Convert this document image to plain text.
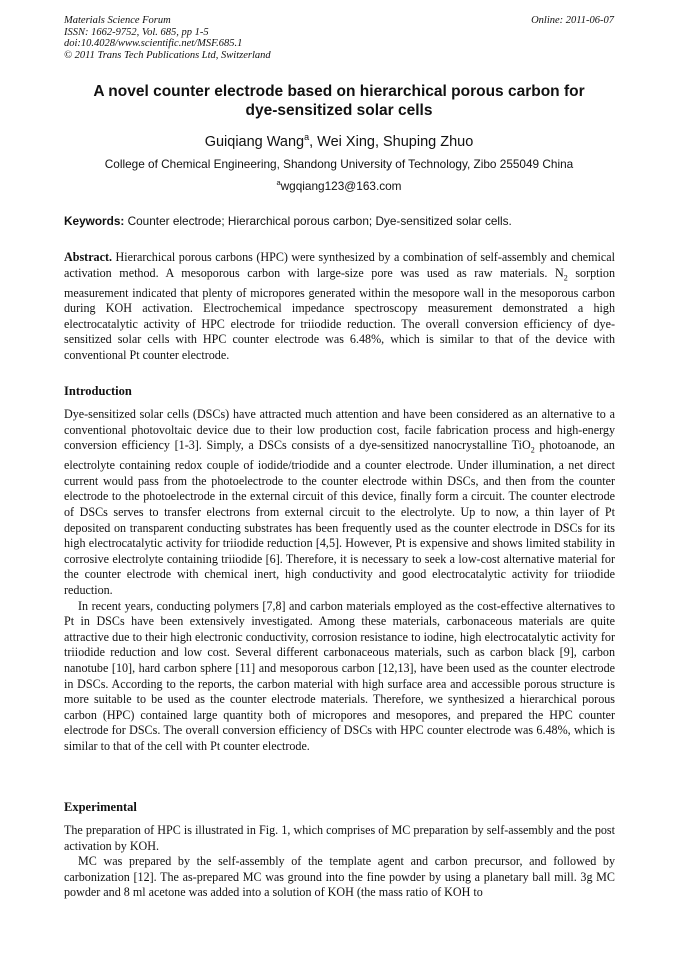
Materials Science Forum
ISSN: 1662-9752, Vol. 685, pp 1-5
doi:10.4028/www.scientific.net/MSF.685.1
© 2011 Trans Tech Publications Ltd, Switzerland
Online: 2011-06-07
A novel counter electrode based on hierarchical porous carbon for
dye-sensitized solar cells
Guiqiang Wang$^a$, Wei Xing, Shuping Zhuo
College of Chemical Engineering, Shandong University of Technology, Zibo 255049 China
$^a$wgqiang123@163.com
Keywords: Counter electrode; Hierarchical porous carbon; Dye-sensitized solar cells.

Abstract. Hierarchical porous carbons (HPC) were synthesized by a combination of self-assembly and chemical activation method. A mesoporous carbon with large-size pore was used as raw materials. $N_2$ sorption measurement indicated that plenty of micropores generated within the mesopore wall in the mesoporous carbon during KOH activation. Electrochemical impedance spectroscopy measurement demonstrated a high electrocatalytic activity of HPC electrode for triiodide reduction. The overall conversion efficiency of dye-sensitized solar cells with HPC counter electrode was 6.48%, which is similar to that of the device with conventional Pt counter electrode.

Introduction

Dye-sensitized solar cells (DSCs) have attracted much attention and have been considered as an alternative to a conventional photovoltaic device due to their low production cost, facile fabrication process and high-energy conversion efficiency [1-3]. Simply, a DSCs consists of a dye-sensitized nanocrystalline TiO$_2$ photoanode, an electrolyte containing redox couple of iodide/triodide and a counter electrode. Under illumination, a net direct current would pass from the photoelectrode to the counter electrode within DSCs, and then from the counter electrode to the photoelectrode in the external circuit of this device, finally form a circuit. The counter electrode of DSCs serves to transfer electrons from external circuit to the electrolyte. Up to now, a thin layer of Pt deposited on transparent conducting substrates has been frequently used as the counter electrode in DSCs for its high electrocatalytic activity for triiodide reduction [4,5]. However, Pt is expensive and shows limited stability in corrosive electrolyte containing triiodide [6]. Therefore, it is necessary to seek a low-cost alternative material for the counter electrode with chemical inert, high conductivity and good electrocatalytic activity for triiodide reduction.

In recent years, conducting polymers [7,8] and carbon materials employed as the cost-effective alternatives to Pt in DSCs have been extensively investigated. Among these materials, carbonaceous materials are quite attractive due to their high electronic conductivity, corrosion resistance to iodine, high electrocatalytic activity for triiodide reduction and low cost. Several different carbonaceous materials, such as carbon black [9], carbon nanotube [10], hard carbon sphere [11] and mesoporous carbon [12,13], have been used as the counter electrode in DSCs. According to the reports, the carbon material with high surface area and accessible porous structure is more suitable to be used as the counter electrode materials. Therefore, we synthesized a hierarchical porous carbon (HPC) contained large quantity both of micropores and mesopores, and prepared the HPC counter electrode for DSCs. The overall conversion efficiency of DSCs with HPC counter electrode was 6.48%, which is similar to that of the cell with Pt counter electrode.

Experimental

The preparation of HPC is illustrated in Fig. 1, which comprises of MC preparation by self-assembly and the post activation by KOH.

MC was prepared by the self-assembly of the template agent and carbon precursor, and followed by carbonization [12]. The as-prepared MC was ground into the fine powder by using a planetary ball mill. 3g MC powder and 8 ml acetone was added into a solution of KOH (the mass ratio of KOH to
